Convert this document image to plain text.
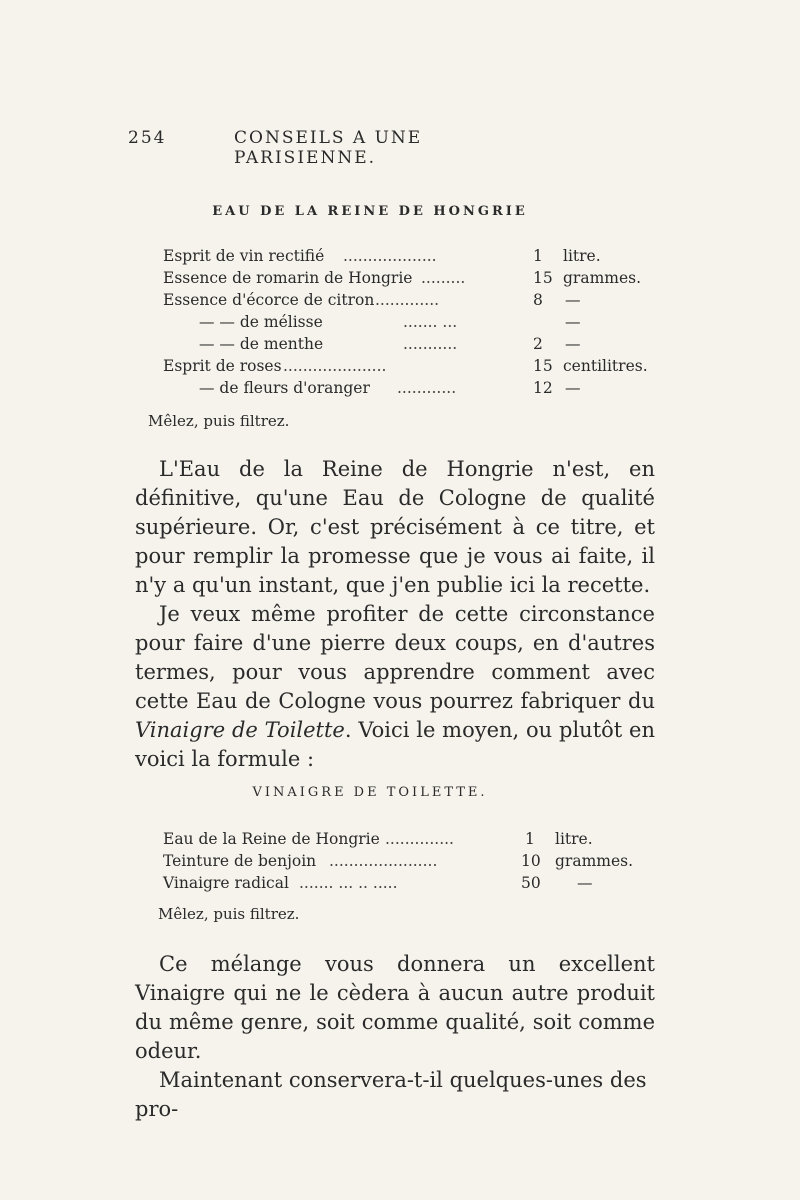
254	CONSEILS A UNE PARISIENNE.
EAU DE LA REINE DE HONGRIE
Esprit de vin rectifié ...................	1 litre.
Essence de romarin de Hongrie .........	15 grammes.
Essence d'écorce de citron .............	8 —
— — de mélisse	....... ...	—
— — de menthe	...........	2 —
Esprit de roses .....................	15 centilitres.
— de fleurs d'oranger ............	12 —
Mêlez, puis filtrez.

L'Eau de la Reine de Hongrie n'est, en définitive, qu'une Eau de Cologne de qualité supérieure. Or, c'est précisément à ce titre, et pour remplir la promesse que je vous ai faite, il n'y a qu'un instant, que j'en publie ici la recette.

Je veux même profiter de cette circonstance pour faire d'une pierre deux coups, en d'autres termes, pour vous apprendre comment avec cette Eau de Cologne vous pourrez fabriquer du Vinaigre de Toilette. Voici le moyen, ou plutôt en voici la formule :

VINAIGRE DE TOILETTE.
Eau de la Reine de Hongrie ..............	1 litre.
Teinture de benjoin ......................	10 grammes.
Vinaigre radical ....... ... .. .....	50 —
Mêlez, puis filtrez.

Ce mélange vous donnera un excellent Vinaigre qui ne le cèdera à aucun autre produit du même genre, soit comme qualité, soit comme odeur.

Maintenant conservera-t-il quelques-unes des pro-
